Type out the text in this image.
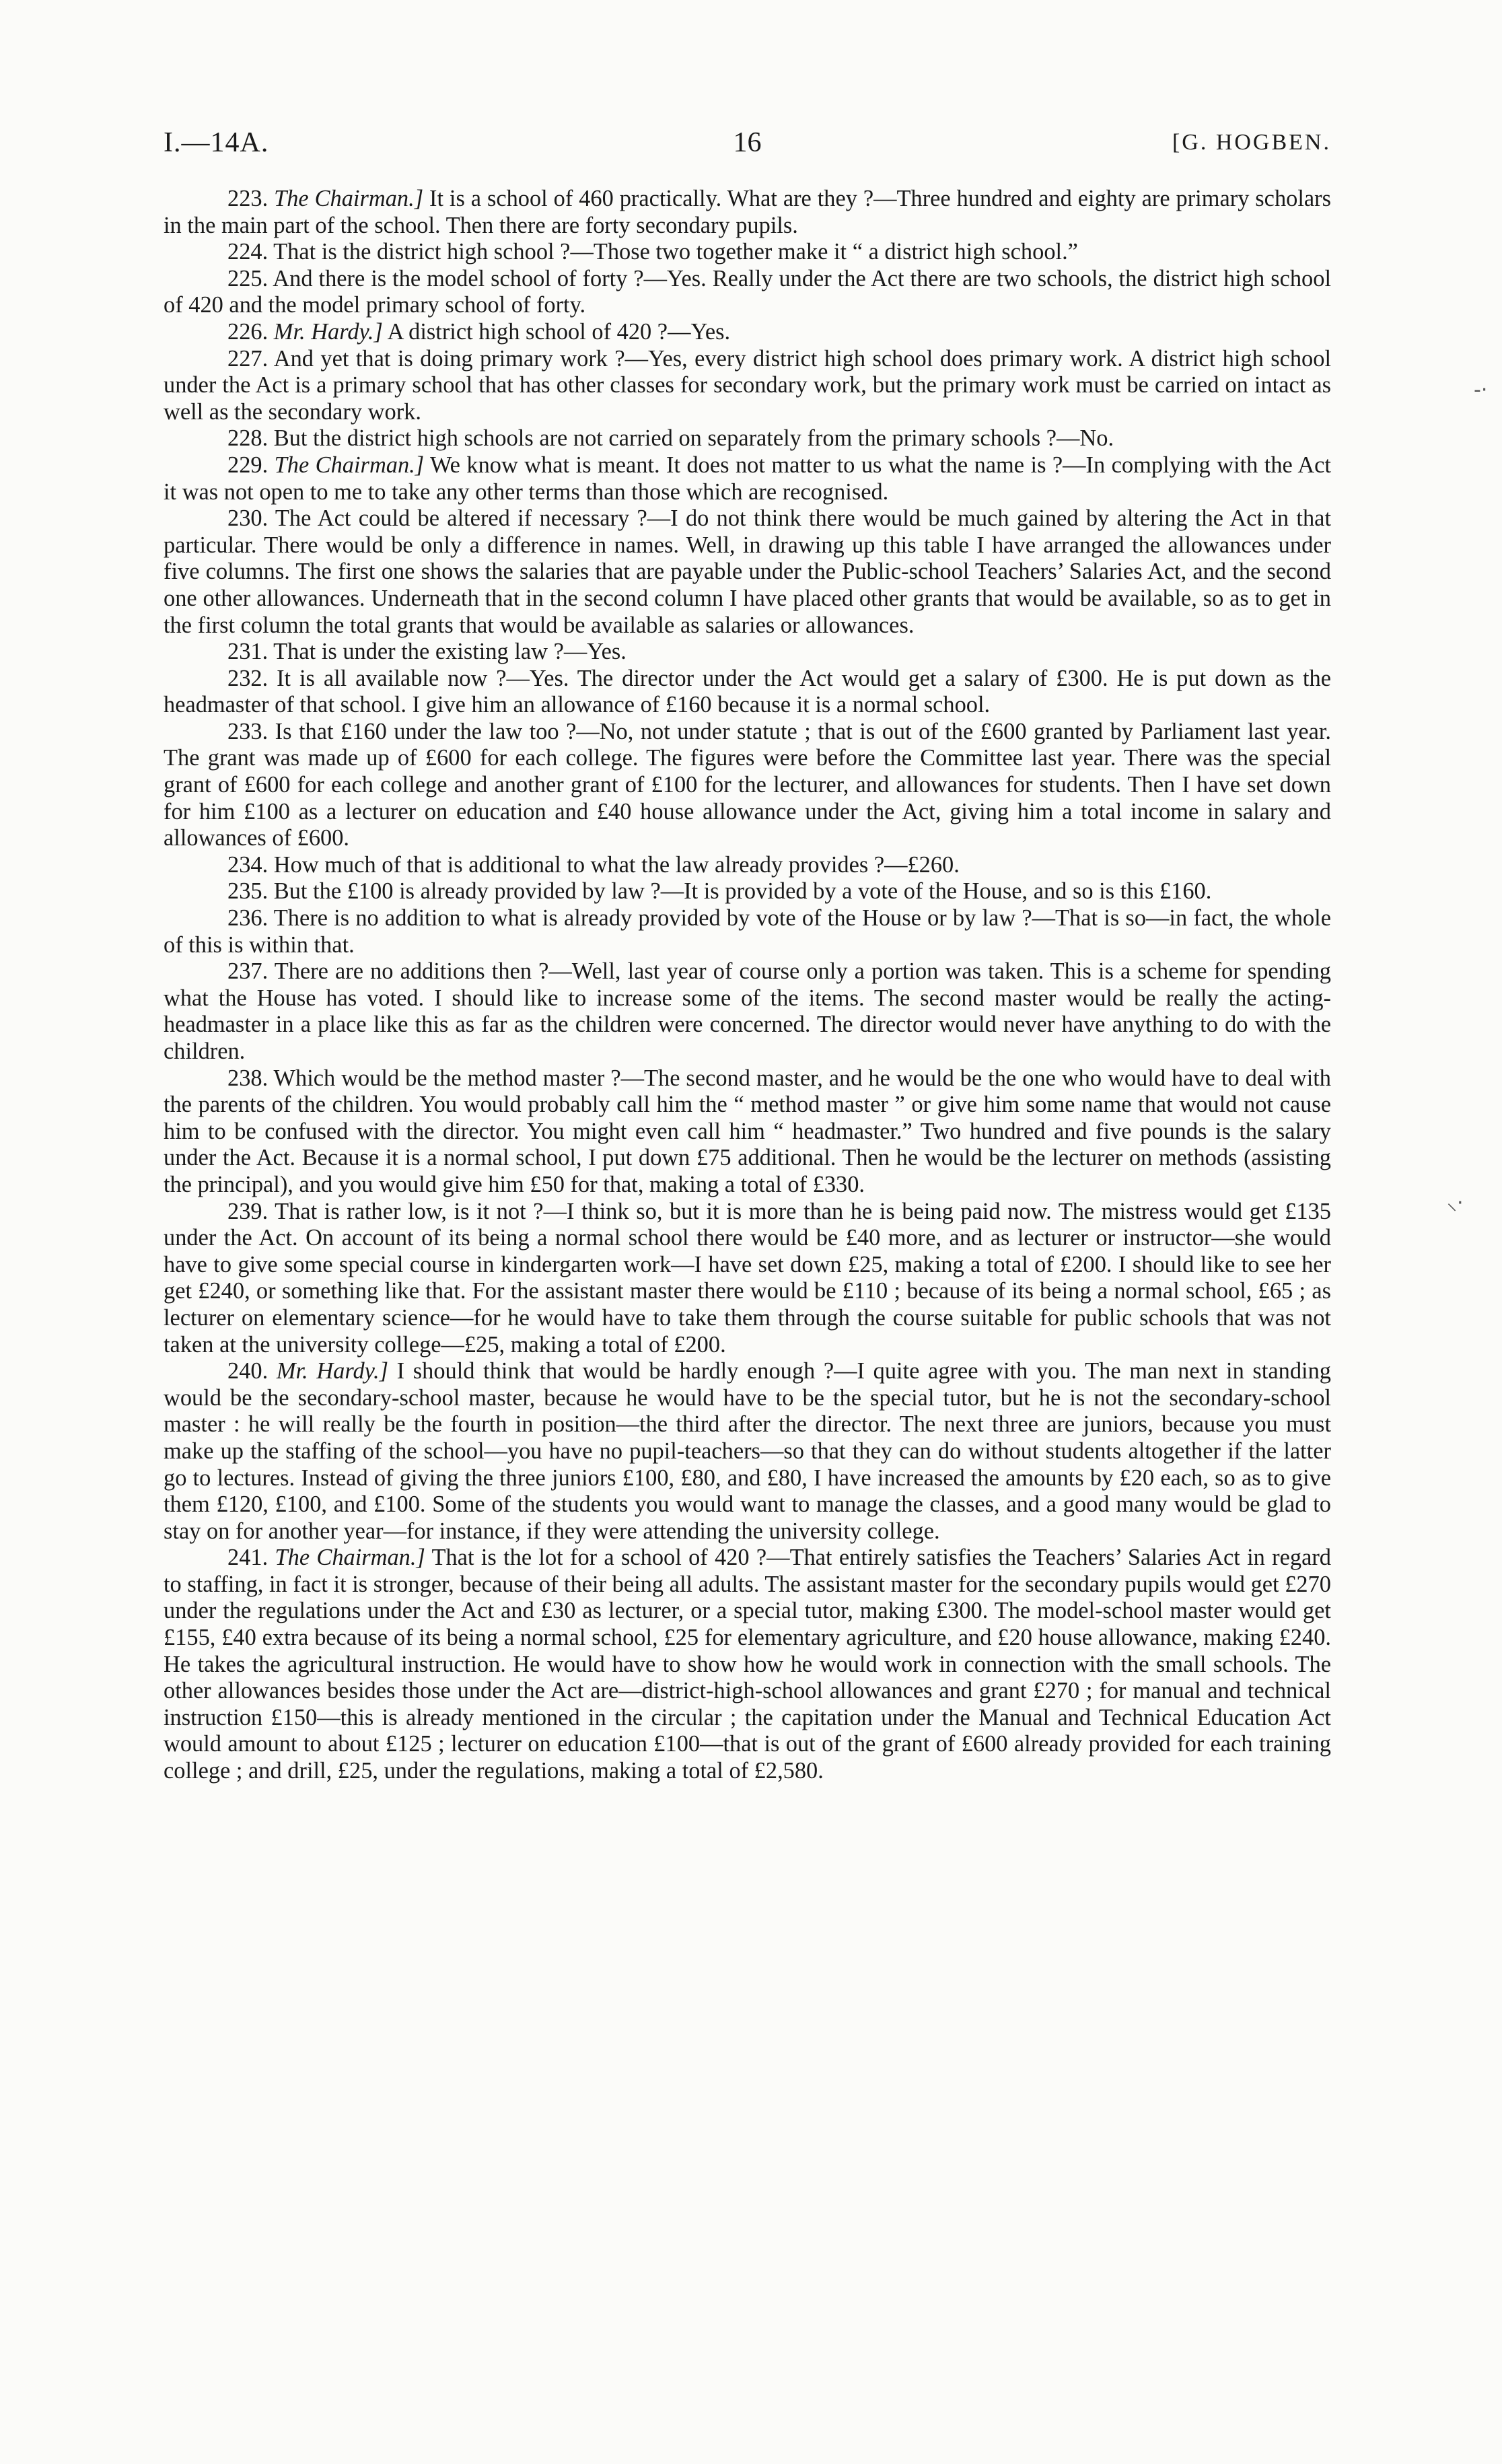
I.—14A.	16	[G. HOGBEN.

223. The Chairman.] It is a school of 460 practically. What are they ?—Three hundred and eighty are primary scholars in the main part of the school. Then there are forty secondary pupils.

224. That is the district high school ?—Those two together make it “ a district high school.”

225. And there is the model school of forty ?—Yes. Really under the Act there are two schools, the district high school of 420 and the model primary school of forty.

226. Mr. Hardy.] A district high school of 420 ?—Yes.

227. And yet that is doing primary work ?—Yes, every district high school does primary work. A district high school under the Act is a primary school that has other classes for secondary work, but the primary work must be carried on intact as well as the secondary work.

228. But the district high schools are not carried on separately from the primary schools ?—No.

229. The Chairman.] We know what is meant. It does not matter to us what the name is ?—In complying with the Act it was not open to me to take any other terms than those which are recognised.

230. The Act could be altered if necessary ?—I do not think there would be much gained by altering the Act in that particular. There would be only a difference in names. Well, in drawing up this table I have arranged the allowances under five columns. The first one shows the salaries that are payable under the Public-school Teachers’ Salaries Act, and the second one other allowances. Underneath that in the second column I have placed other grants that would be available, so as to get in the first column the total grants that would be available as salaries or allowances.

231. That is under the existing law ?—Yes.

232. It is all available now ?—Yes. The director under the Act would get a salary of £300. He is put down as the headmaster of that school. I give him an allowance of £160 because it is a normal school.

233. Is that £160 under the law too ?—No, not under statute ; that is out of the £600 granted by Parliament last year. The grant was made up of £600 for each college. The figures were before the Committee last year. There was the special grant of £600 for each college and another grant of £100 for the lecturer, and allowances for students. Then I have set down for him £100 as a lecturer on education and £40 house allowance under the Act, giving him a total income in salary and allowances of £600.

234. How much of that is additional to what the law already provides ?—£260.

235. But the £100 is already provided by law ?—It is provided by a vote of the House, and so is this £160.

236. There is no addition to what is already provided by vote of the House or by law ?—That is so—in fact, the whole of this is within that.

237. There are no additions then ?—Well, last year of course only a portion was taken. This is a scheme for spending what the House has voted. I should like to increase some of the items. The second master would be really the acting-headmaster in a place like this as far as the children were concerned. The director would never have anything to do with the children.

238. Which would be the method master ?—The second master, and he would be the one who would have to deal with the parents of the children. You would probably call him the “ method master ” or give him some name that would not cause him to be confused with the director. You might even call him “ headmaster.” Two hundred and five pounds is the salary under the Act. Because it is a normal school, I put down £75 additional. Then he would be the lecturer on methods (assisting the principal), and you would give him £50 for that, making a total of £330.

239. That is rather low, is it not ?—I think so, but it is more than he is being paid now. The mistress would get £135 under the Act. On account of its being a normal school there would be £40 more, and as lecturer or instructor—she would have to give some special course in kindergarten work—I have set down £25, making a total of £200. I should like to see her get £240, or something like that. For the assistant master there would be £110 ; because of its being a normal school, £65 ; as lecturer on elementary science—for he would have to take them through the course suitable for public schools that was not taken at the university college—£25, making a total of £200.

240. Mr. Hardy.] I should think that would be hardly enough ?—I quite agree with you. The man next in standing would be the secondary-school master, because he would have to be the special tutor, but he is not the secondary-school master : he will really be the fourth in position—the third after the director. The next three are juniors, because you must make up the staffing of the school—you have no pupil-teachers—so that they can do without students altogether if the latter go to lectures. Instead of giving the three juniors £100, £80, and £80, I have increased the amounts by £20 each, so as to give them £120, £100, and £100. Some of the students you would want to manage the classes, and a good many would be glad to stay on for another year—for instance, if they were attending the university college.

241. The Chairman.] That is the lot for a school of 420 ?—That entirely satisfies the Teachers’ Salaries Act in regard to staffing, in fact it is stronger, because of their being all adults. The assistant master for the secondary pupils would get £270 under the regulations under the Act and £30 as lecturer, or a special tutor, making £300. The model-school master would get £155, £40 extra because of its being a normal school, £25 for elementary agriculture, and £20 house allowance, making £240. He takes the agricultural instruction. He would have to show how he would work in connection with the small schools. The other allowances besides those under the Act are—district-high-school allowances and grant £270 ; for manual and technical instruction £150—this is already mentioned in the circular ; the capitation under the Manual and Technical Education Act would amount to about £125 ; lecturer on education £100—that is out of the grant of £600 already provided for each training college ; and drill, £25, under the regulations, making a total of £2,580.

-·
⸜·
